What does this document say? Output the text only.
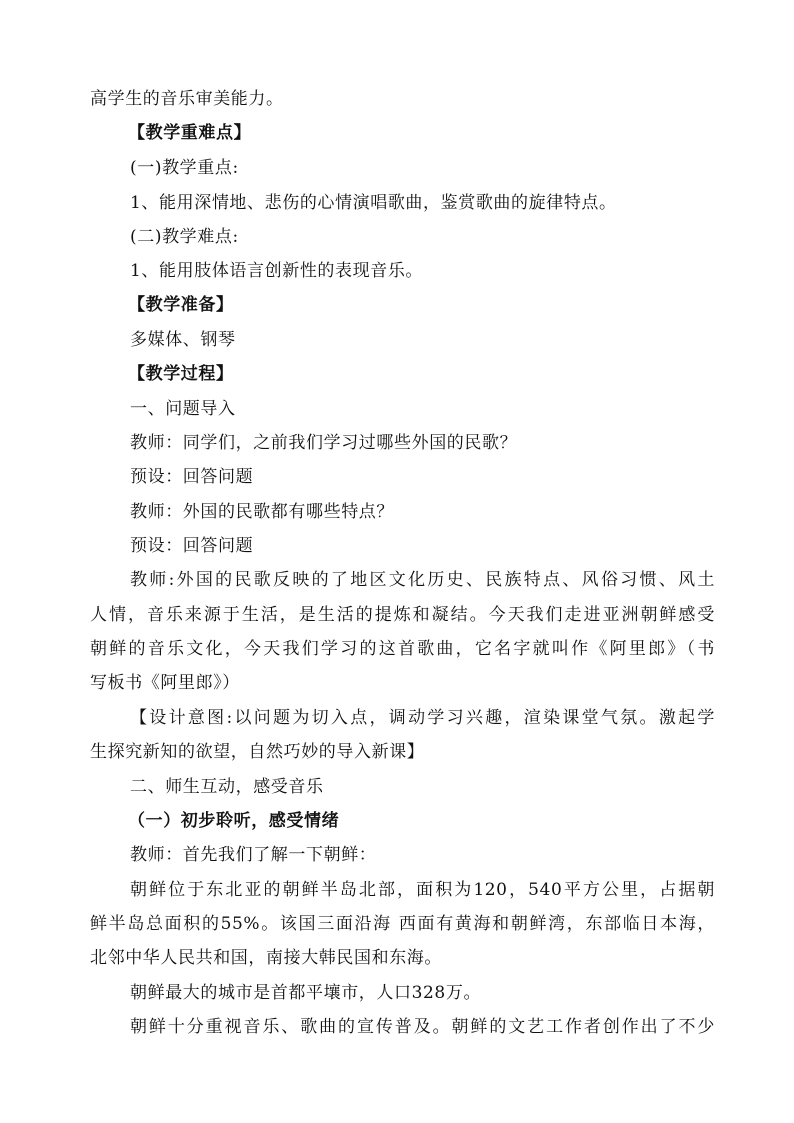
高学生的音乐审美能力。
【教学重难点】
(一)教学重点:
1、能用深情地、悲伤的心情演唱歌曲，鉴赏歌曲的旋律特点。
(二)教学难点:
1、能用肢体语言创新性的表现音乐。
【教学准备】
多媒体、钢琴
【教学过程】
一、问题导入
教师：同学们，之前我们学习过哪些外国的民歌？
预设：回答问题
教师：外国的民歌都有哪些特点？
预设：回答问题
教师:外国的民歌反映的了地区文化历史、民族特点、风俗习惯、风土
人情，音乐来源于生活，是生活的提炼和凝结。今天我们走进亚洲朝鲜感受
朝鲜的音乐文化，今天我们学习的这首歌曲，它名字就叫作《阿里郎》（书
写板书《阿里郎》）
【设计意图:以问题为切入点，调动学习兴趣，渲染课堂气氛。激起学
生探究新知的欲望，自然巧妙的导入新课】
二、师生互动，感受音乐
（一）初步聆听，感受情绪
教师：首先我们了解一下朝鲜：
朝鲜位于东北亚的朝鲜半岛北部，面积为120，540平方公里，占据朝
鲜半岛总面积的55%。该国三面沿海 西面有黄海和朝鲜湾，东部临日本海，
北邻中华人民共和国，南接大韩民国和东海。
朝鲜最大的城市是首都平壤市，人口328万。
朝鲜十分重视音乐、歌曲的宣传普及。朝鲜的文艺工作者创作出了不少
